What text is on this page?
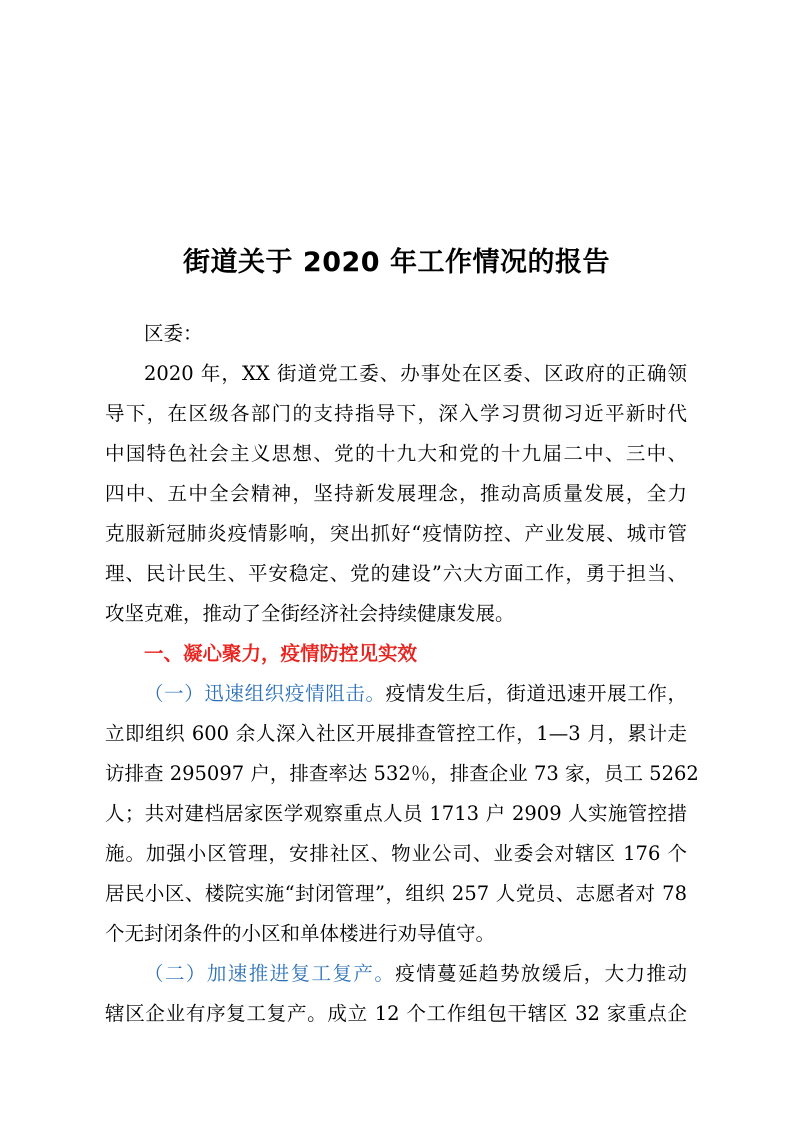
街道关于 2020 年工作情况的报告
区委：
2020 年，XX 街道党工委、办事处在区委、区政府的正确领
导下，在区级各部门的支持指导下，深入学习贯彻习近平新时代
中国特色社会主义思想、党的十九大和党的十九届二中、三中、
四中、五中全会精神，坚持新发展理念，推动高质量发展，全力
克服新冠肺炎疫情影响，突出抓好“疫情防控、产业发展、城市管
理、民计民生、平安稳定、党的建设”六大方面工作，勇于担当、
攻坚克难，推动了全街经济社会持续健康发展。
一、凝心聚力，疫情防控见实效
（一）迅速组织疫情阻击。疫情发生后，街道迅速开展工作，
立即组织 600 余人深入社区开展排查管控工作，1—3 月，累计走
访排查 295097 户，排查率达 532％，排查企业 73 家，员工 5262
人；共对建档居家医学观察重点人员 1713 户 2909 人实施管控措
施。加强小区管理，安排社区、物业公司、业委会对辖区 176 个
居民小区、楼院实施“封闭管理”，组织 257 人党员、志愿者对 78
个无封闭条件的小区和单体楼进行劝导值守。
（二）加速推进复工复产。疫情蔓延趋势放缓后，大力推动
辖区企业有序复工复产。成立 12 个工作组包干辖区 32 家重点企
